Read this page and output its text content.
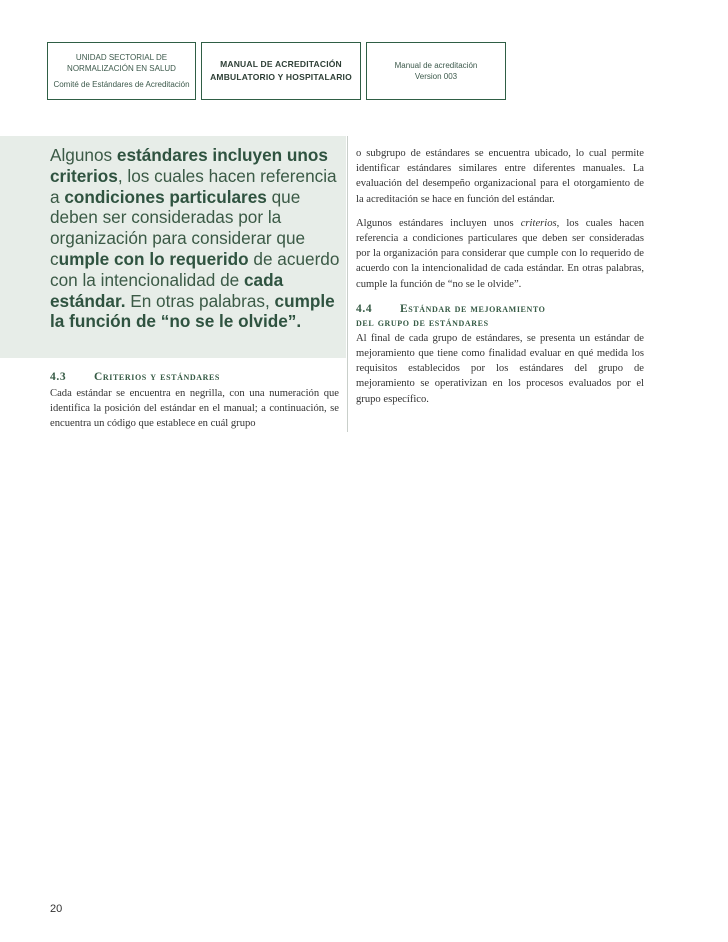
UNIDAD SECTORIAL DE
NORMALIZACIÓN EN SALUD
Comité de Estándares de Acreditación
MANUAL DE ACREDITACIÓN
AMBULATORIO Y HOSPITALARIO
Manual de acreditación
Version 003

Algunos estándares incluyen unos criterios, los cuales hacen referencia a condiciones particulares que deben ser consideradas por la organización para considerar que cumple con lo requerido de acuerdo con la intencionalidad de cada estándar. En otras palabras, cumple la función de “no se le olvide”.

4.3 Criterios y estándares

Cada estándar se encuentra en negrilla, con una numeración que identifica la posición del estándar en el manual; a continuación, se encuentra un código que establece en cuál grupo

o subgrupo de estándares se encuentra ubicado, lo cual permite identificar estándares similares entre diferentes manuales. La evaluación del desempeño organizacional para el otorgamiento de la acreditación se hace en función del estándar.

Algunos estándares incluyen unos criterios, los cuales hacen referencia a condiciones particulares que deben ser consideradas por la organización para considerar que cumple con lo requerido de acuerdo con la intencionalidad de cada estándar. En otras palabras, cumple la función de “no se le olvide”.

4.4 Estándar de mejoramiento
del grupo de estándares

Al final de cada grupo de estándares, se presenta un estándar de mejoramiento que tiene como finalidad evaluar en qué medida los requisitos establecidos por los estándares del grupo de mejoramiento se operativizan en los procesos evaluados por el grupo específico.

20
